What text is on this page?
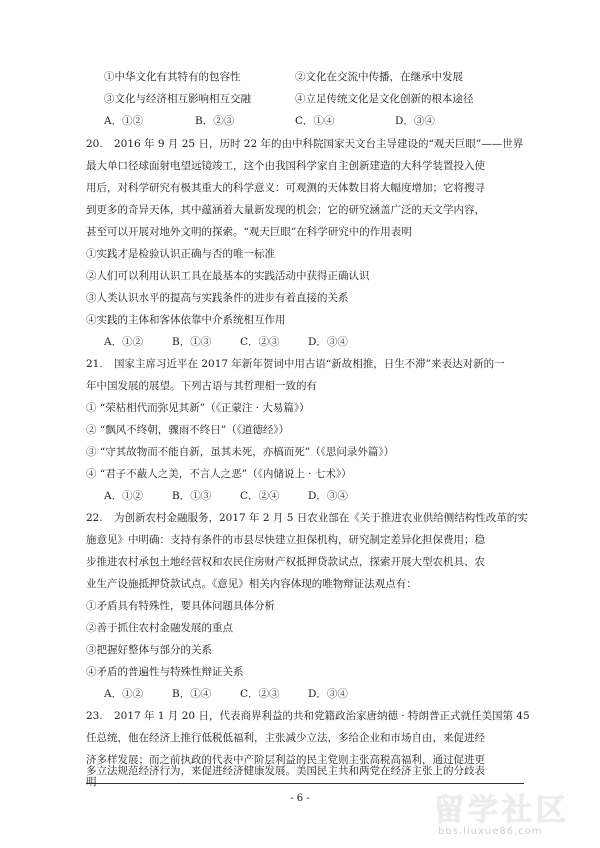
①中华文化有其特有的包容性	②文化在交流中传播，在继承中发展
③文化与经济相互影响相互交融	④立足传统文化是文化创新的根本途径
A．①②	B．②③	C．①④	D．③④
20. 2016 年 9 月 25 日，历时 22 年的由中科院国家天文台主导建设的“观天巨眼”——世界
最大单口径球面射电望远镜竣工，这个由我国科学家自主创新建造的大科学装置投入使
用后，对科学研究有极其重大的科学意义：可观测的天体数目将大幅度增加；它将搜寻
到更多的奇异天体，其中蕴涵着大量新发现的机会；它的研究涵盖广泛的天文学内容，
甚至可以开展对地外文明的探索。“观天巨眼”在科学研究中的作用表明
①实践才是检验认识正确与否的唯一标准
②人们可以利用认识工具在最基本的实践活动中获得正确认识
③人类认识水平的提高与实践条件的进步有着直接的关系
④实践的主体和客体依靠中介系统相互作用
A．①②	B．①③	C．②③	D．③④
21. 国家主席习近平在 2017 年新年贺词中用古语“新故相推，日生不滞”来表达对新的一
年中国发展的展望。下列古语与其哲理相一致的有
① “荣枯相代而弥见其新”（《正蒙注 · 大易篇》）
② “飘风不终朝，骤雨不终日”（《道德经》）
③ “守其故物而不能自新，虽其未死，亦槁而死”（《思问录外篇》）
④ “君子不蔽人之美，不言人之恶”（《内储说上 · 七术》）
A．①②	B．①③	C．②④	D．③④
22. 为创新农村金融服务，2017 年 2 月 5 日农业部在《关于推进农业供给侧结构性改革的实
施意见》中明确：支持有条件的市县尽快建立担保机构，研究制定差异化担保费用；稳
步推进农村承包土地经营权和农民住房财产权抵押贷款试点，探索开展大型农机具、农
业生产设施抵押贷款试点。《意见》相关内容体现的唯物辩证法观点有：
①矛盾具有特殊性，要具体问题具体分析
②善于抓住农村金融发展的重点
③把握好整体与部分的关系
④矛盾的普遍性与特殊性辩证关系
A．①②	B．①④	C．②③	D．③④
23. 2017 年 1 月 20 日，代表商界利益的共和党籍政治家唐纳德 · 特朗普正式就任美国第 45
任总统，他在经济上推行低税低福利，主张减少立法，多给企业和市场自由，来促进经
济多样发展；而之前执政的代表中产阶层利益的民主党则主张高税高福利，通过促进更
- 6 -	留学社区
bbs.liuxue86.com
多立法规范经济行为，来促进经济健康发展。美国民主共和两党在经济主张上的分歧表
明
